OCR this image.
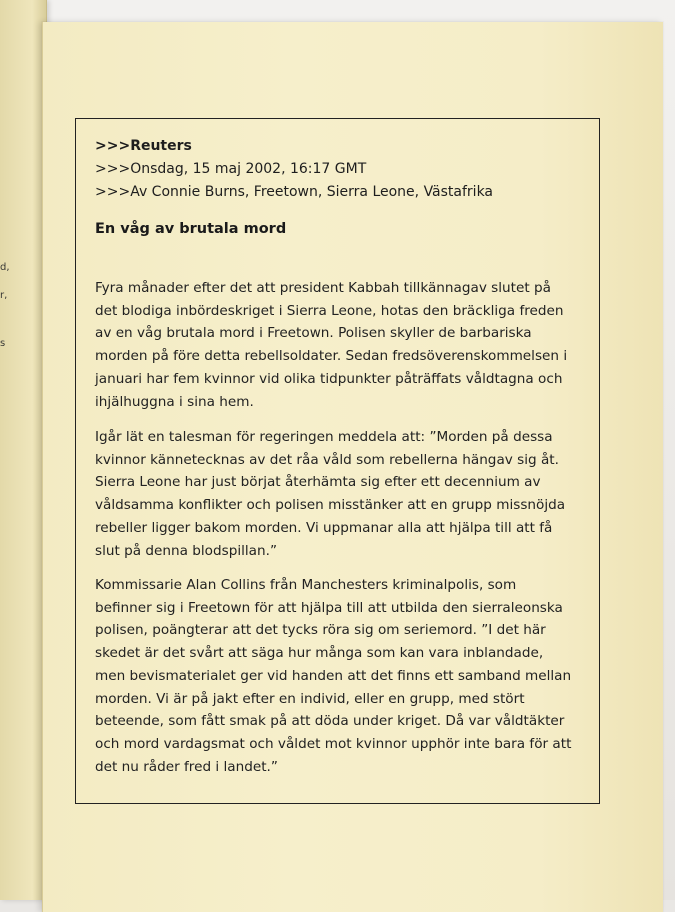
d,
r,
s
>>>Reuters
>>>Onsdag, 15 maj 2002, 16:17 GMT
>>>Av Connie Burns, Freetown, Sierra Leone, Västafrika
En våg av brutala mord
Fyra månader efter det att president Kabbah tillkännagav slutet på
det blodiga inbördeskriget i Sierra Leone, hotas den bräckliga freden
av en våg brutala mord i Freetown. Polisen skyller de barbariska
morden på före detta rebellsoldater. Sedan fredsöverenskommelsen i
januari har fem kvinnor vid olika tidpunkter påträffats våldtagna och
ihjälhuggna i sina hem.
Igår lät en talesman för regeringen meddela att: ”Morden på dessa
kvinnor kännetecknas av det råa våld som rebellerna hängav sig åt.
Sierra Leone har just börjat återhämta sig efter ett decennium av
våldsamma konflikter och polisen misstänker att en grupp missnöjda
rebeller ligger bakom morden. Vi uppmanar alla att hjälpa till att få
slut på denna blodspillan.”
Kommissarie Alan Collins från Manchesters kriminalpolis, som
befinner sig i Freetown för att hjälpa till att utbilda den sierraleonska
polisen, poängterar att det tycks röra sig om seriemord. ”I det här
skedet är det svårt att säga hur många som kan vara inblandade,
men bevismaterialet ger vid handen att det finns ett samband mellan
morden. Vi är på jakt efter en individ, eller en grupp, med stört
beteende, som fått smak på att döda under kriget. Då var våldtäkter
och mord vardagsmat och våldet mot kvinnor upphör inte bara för att
det nu råder fred i landet.”
